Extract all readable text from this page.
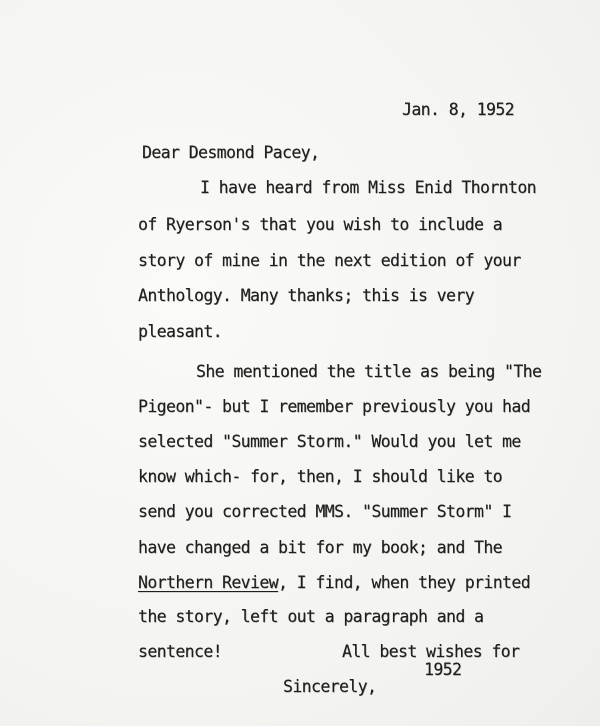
Jan. 8, 1952
Dear Desmond Pacey,
I have heard from Miss Enid Thornton
of Ryerson's that you wish to include a
story of mine in the next edition of your
Anthology. Many thanks; this is very
pleasant.
She mentioned the title as being "The
Pigeon"- but I remember previously you had
selected "Summer Storm." Would you let me
know which- for, then, I should like to
send you corrected MMS. "Summer Storm" I
have changed a bit for my book; and The
Northern Review, I find, when they printed
the story, left out a paragraph and a
sentence!	All best wishes for
1952
Sincerely,
